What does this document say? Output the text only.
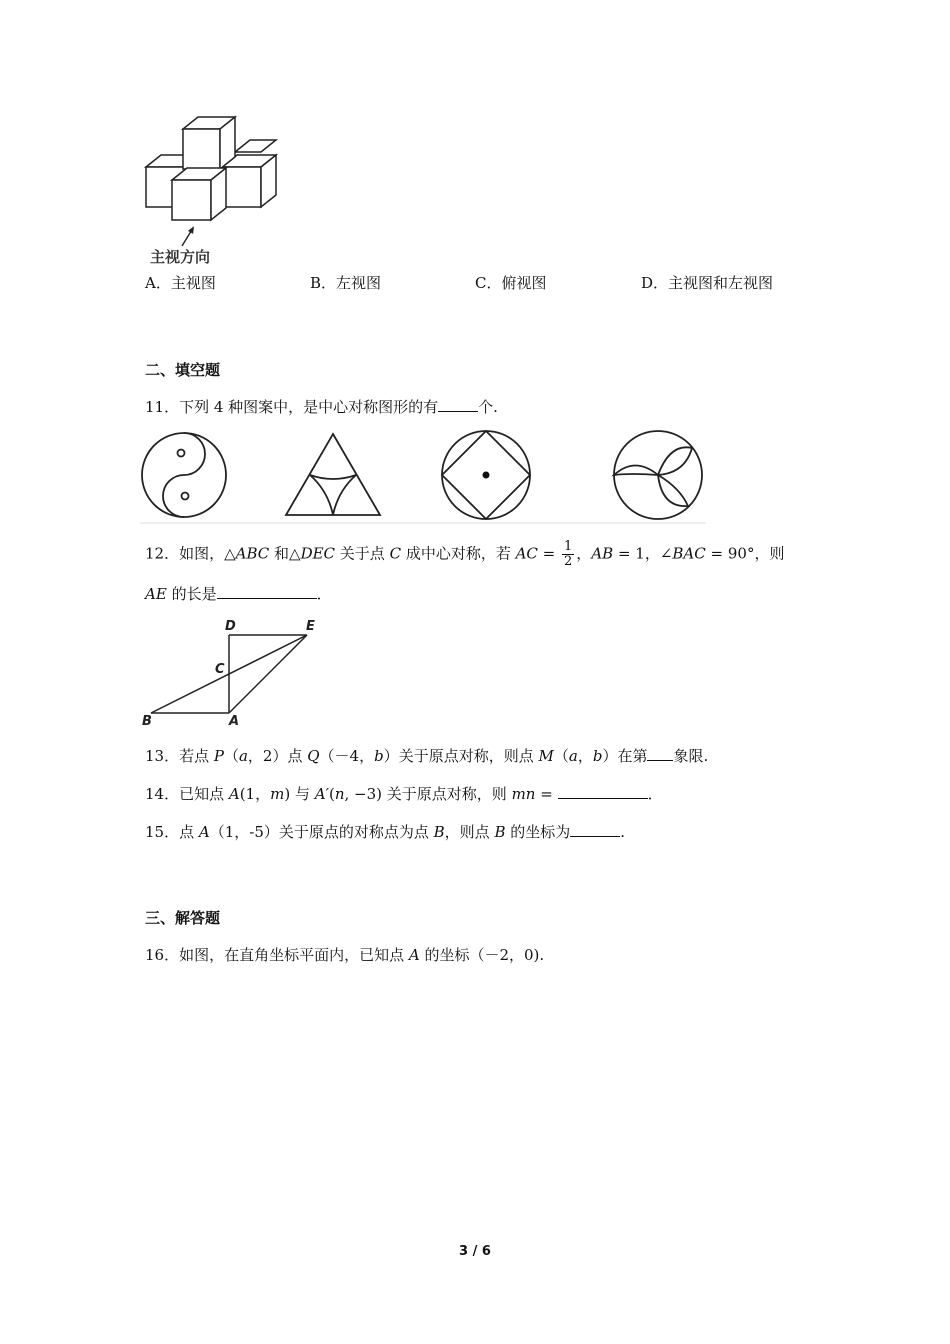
主视方向
A．主视图	B．左视图	C．俯视图	D．主视图和左视图
二、填空题
11．下列 4 种图案中，是中心对称图形的有	个.
12．如图，△ABC 和△DEC 关于点 C 成中心对称，若 AC = $\frac{1}{2}$ ，AB = 1，∠BAC = 90°，则
AE 的长是	．
D	E
C
B	A
13．若点 P（a，2）点 Q（－4，b）关于原点对称，则点 M（a，b）在第 象限.
14．已知点 A(1，m) 与 A′(n, −3) 关于原点对称，则 mn =	．
15．点 A（1，-5）关于原点的对称点为点 B，则点 B 的坐标为	.
三、解答题
16．如图，在直角坐标平面内，已知点 A 的坐标（－2，0).
3 / 6
